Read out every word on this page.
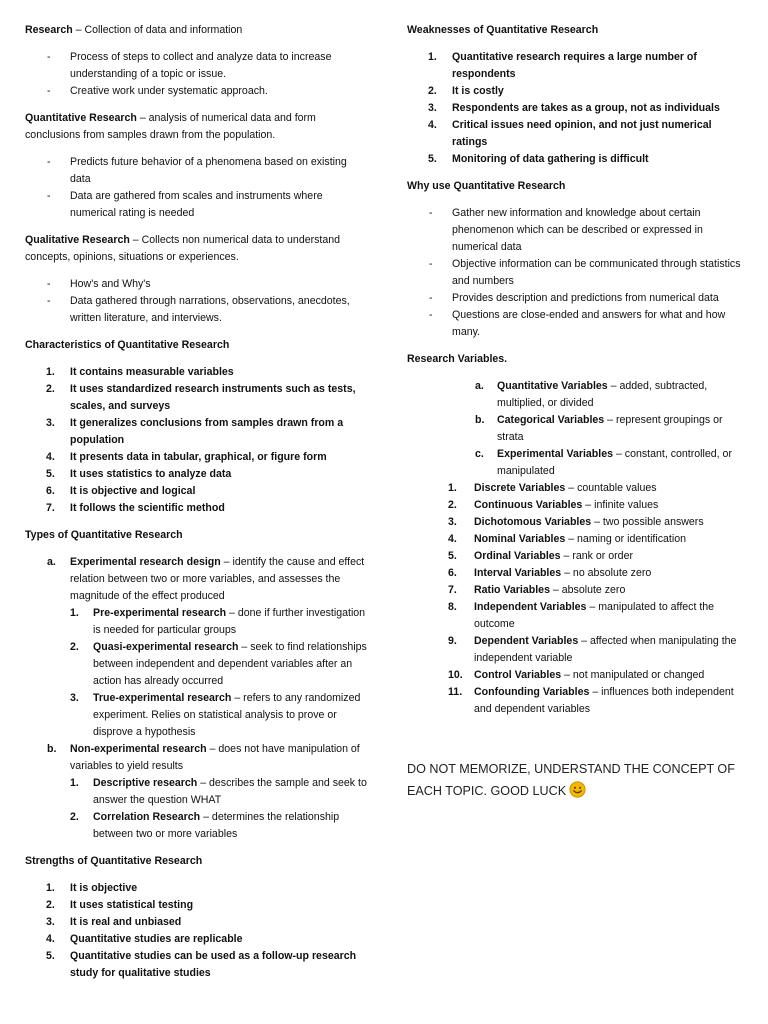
Research – Collection of data and information

- Process of steps to collect and analyze data to increase understanding of a topic or issue.
- Creative work under systematic approach.

Quantitative Research – analysis of numerical data and form conclusions from samples drawn from the population.

- Predicts future behavior of a phenomena based on existing data
- Data are gathered from scales and instruments where numerical rating is needed

Qualitative Research – Collects non numerical data to understand concepts, opinions, situations or experiences.

- How's and Why's
- Data gathered through narrations, observations, anecdotes, written literature, and interviews.

Characteristics of Quantitative Research

1.	It contains measurable variables
2.	It uses standardized research instruments such as tests, scales, and surveys
3.	It generalizes conclusions from samples drawn from a population
4.	It presents data in tabular, graphical, or figure form
5.	It uses statistics to analyze data
6.	It is objective and logical
7.	It follows the scientific method

Types of Quantitative Research

a. Experimental research design – identify the cause and effect relation between two or more variables, and assesses the magnitude of the effect produced
1. Pre-experimental research – done if further investigation is needed for particular groups
2. Quasi-experimental research – seek to find relationships between independent and dependent variables after an action has already occurred
3. True-experimental research – refers to any randomized experiment. Relies on statistical analysis to prove or disprove a hypothesis
b. Non-experimental research – does not have manipulation of variables to yield results
1. Descriptive research – describes the sample and seek to answer the question WHAT
2. Correlation Research – determines the relationship between two or more variables

Strengths of Quantitative Research

1.	It is objective
2.	It uses statistical testing
3.	It is real and unbiased
4.	Quantitative studies are replicable
5.	Quantitative studies can be used as a follow-up research study for qualitative studies

Weaknesses of Quantitative Research

1.	Quantitative research requires a large number of respondents
2.	It is costly
3.	Respondents are takes as a group, not as individuals
4.	Critical issues need opinion, and not just numerical ratings
5.	Monitoring of data gathering is difficult

Why use Quantitative Research

- Gather new information and knowledge about certain phenomenon which can be described or expressed in numerical data
- Objective information can be communicated through statistics and numbers
- Provides description and predictions from numerical data
- Questions are close-ended and answers for what and how many.

Research Variables.

a. Quantitative Variables – added, subtracted, multiplied, or divided
b. Categorical Variables – represent groupings or strata
c. Experimental Variables – constant, controlled, or manipulated
1. Discrete Variables – countable values
2. Continuous Variables – infinite values
3. Dichotomous Variables – two possible answers
4. Nominal Variables – naming or identification
5. Ordinal Variables – rank or order
6. Interval Variables – no absolute zero
7. Ratio Variables – absolute zero
8. Independent Variables – manipulated to affect the outcome
9. Dependent Variables – affected when manipulating the independent variable
10. Control Variables – not manipulated or changed
11. Confounding Variables – influences both independent and dependent variables

DO NOT MEMORIZE, UNDERSTAND THE CONCEPT OF EACH TOPIC. GOOD LUCK
